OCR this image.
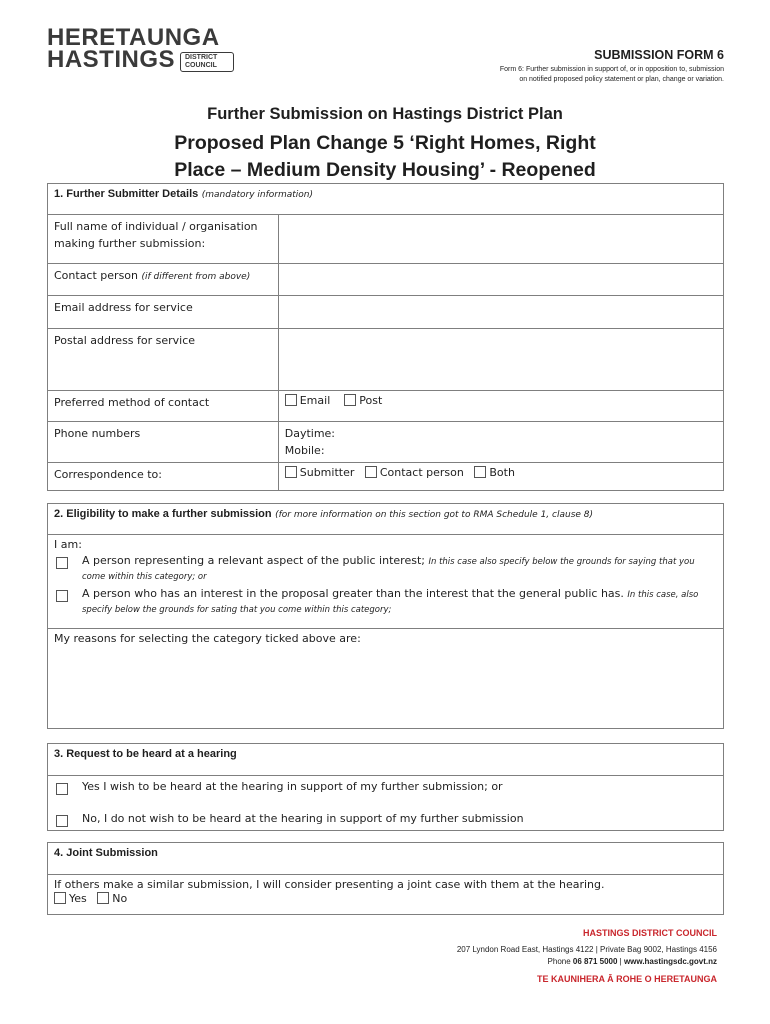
HERETAUNGA
HASTINGS	DISTRICT COUNCIL
SUBMISSION FORM 6
Form 6: Further submission in support of, or in opposition to, submission
on notified proposed policy statement or plan, change or variation.
Further Submission on Hastings District Plan
Proposed Plan Change 5 ‘Right Homes, Right
Place – Medium Density Housing’ - Reopened
1. Further Submitter Details (mandatory information)	
Full name of individual / organisation making further submission:	
Contact person (if different from above)	
Email address for service	
Postal address for service	
Preferred method of contact	Email Post
Phone numbers	Daytime:
Mobile:

Correspondence to:	Submitter Contact person Both
2. Eligibility to make a further submission (for more information on this section got to RMA Schedule 1, clause 8)

I am:
A person representing a relevant aspect of the public interest; In this case also specify below the grounds for saying that you come within this category; or
A person who has an interest in the proposal greater than the interest that the general public has. In this case, also specify below the grounds for sating that you come within this category;

My reasons for selecting the category ticked above are:
3. Request to be heard at a hearing

Yes I wish to be heard at the hearing in support of my further submission; or
No, I do not wish to be heard at the hearing in support of my further submission
4. Joint Submission

If others make a similar submission, I will consider presenting a joint case with them at the hearing.
Yes No
HASTINGS DISTRICT COUNCIL
207 Lyndon Road East, Hastings 4122 | Private Bag 9002, Hastings 4156
Phone 06 871 5000 | www.hastingsdc.govt.nz
TE KAUNIHERA Ā ROHE O HERETAUNGA
